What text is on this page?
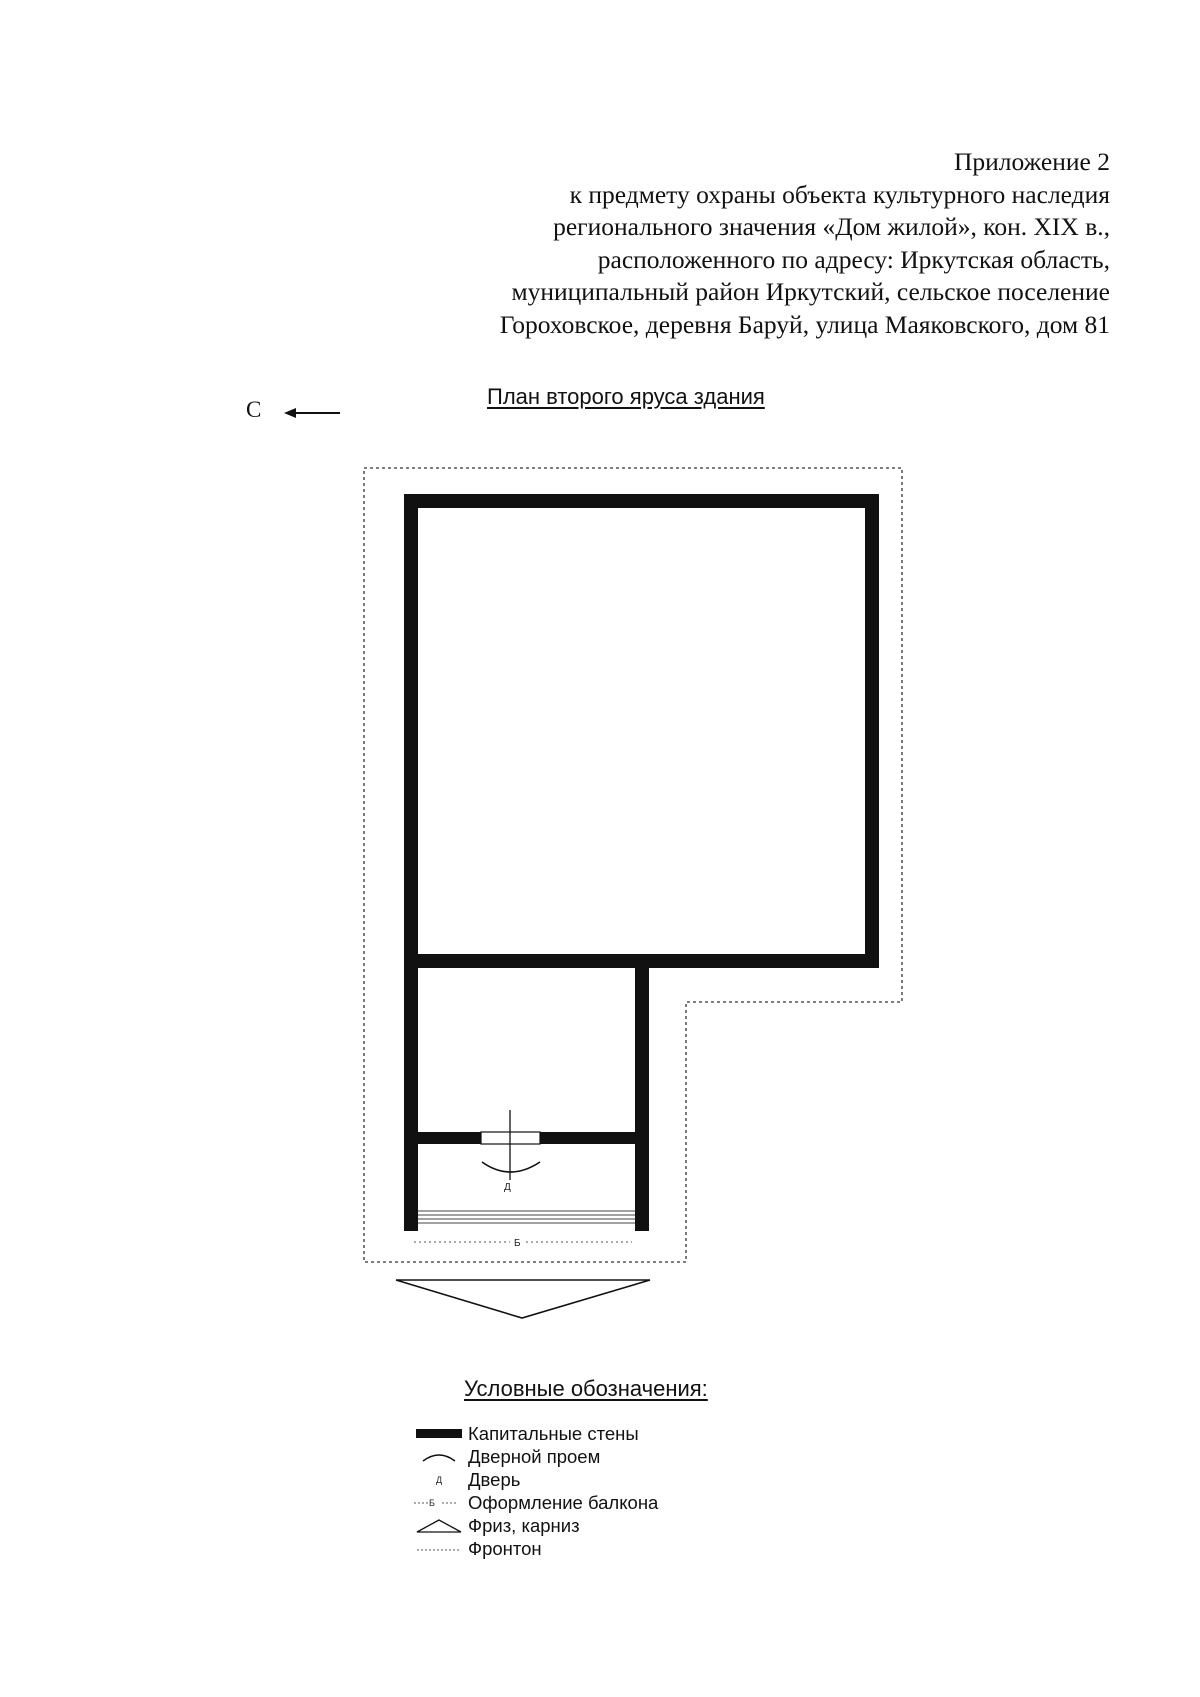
Приложение 2
к предмету охраны объекта культурного наследия
регионального значения «Дом жилой», кон. XIX в.,
расположенного по адресу: Иркутская область,
муниципальный район Иркутский, сельское поселение
Гороховское, деревня Баруй, улица Маяковского, дом 81
План второго яруса здания
С
Д
Б
Условные обозначения:
Капитальные стены
Дверной проем
Д Дверь
Б Оформление балкона
Фриз, карниз
Фронтон
